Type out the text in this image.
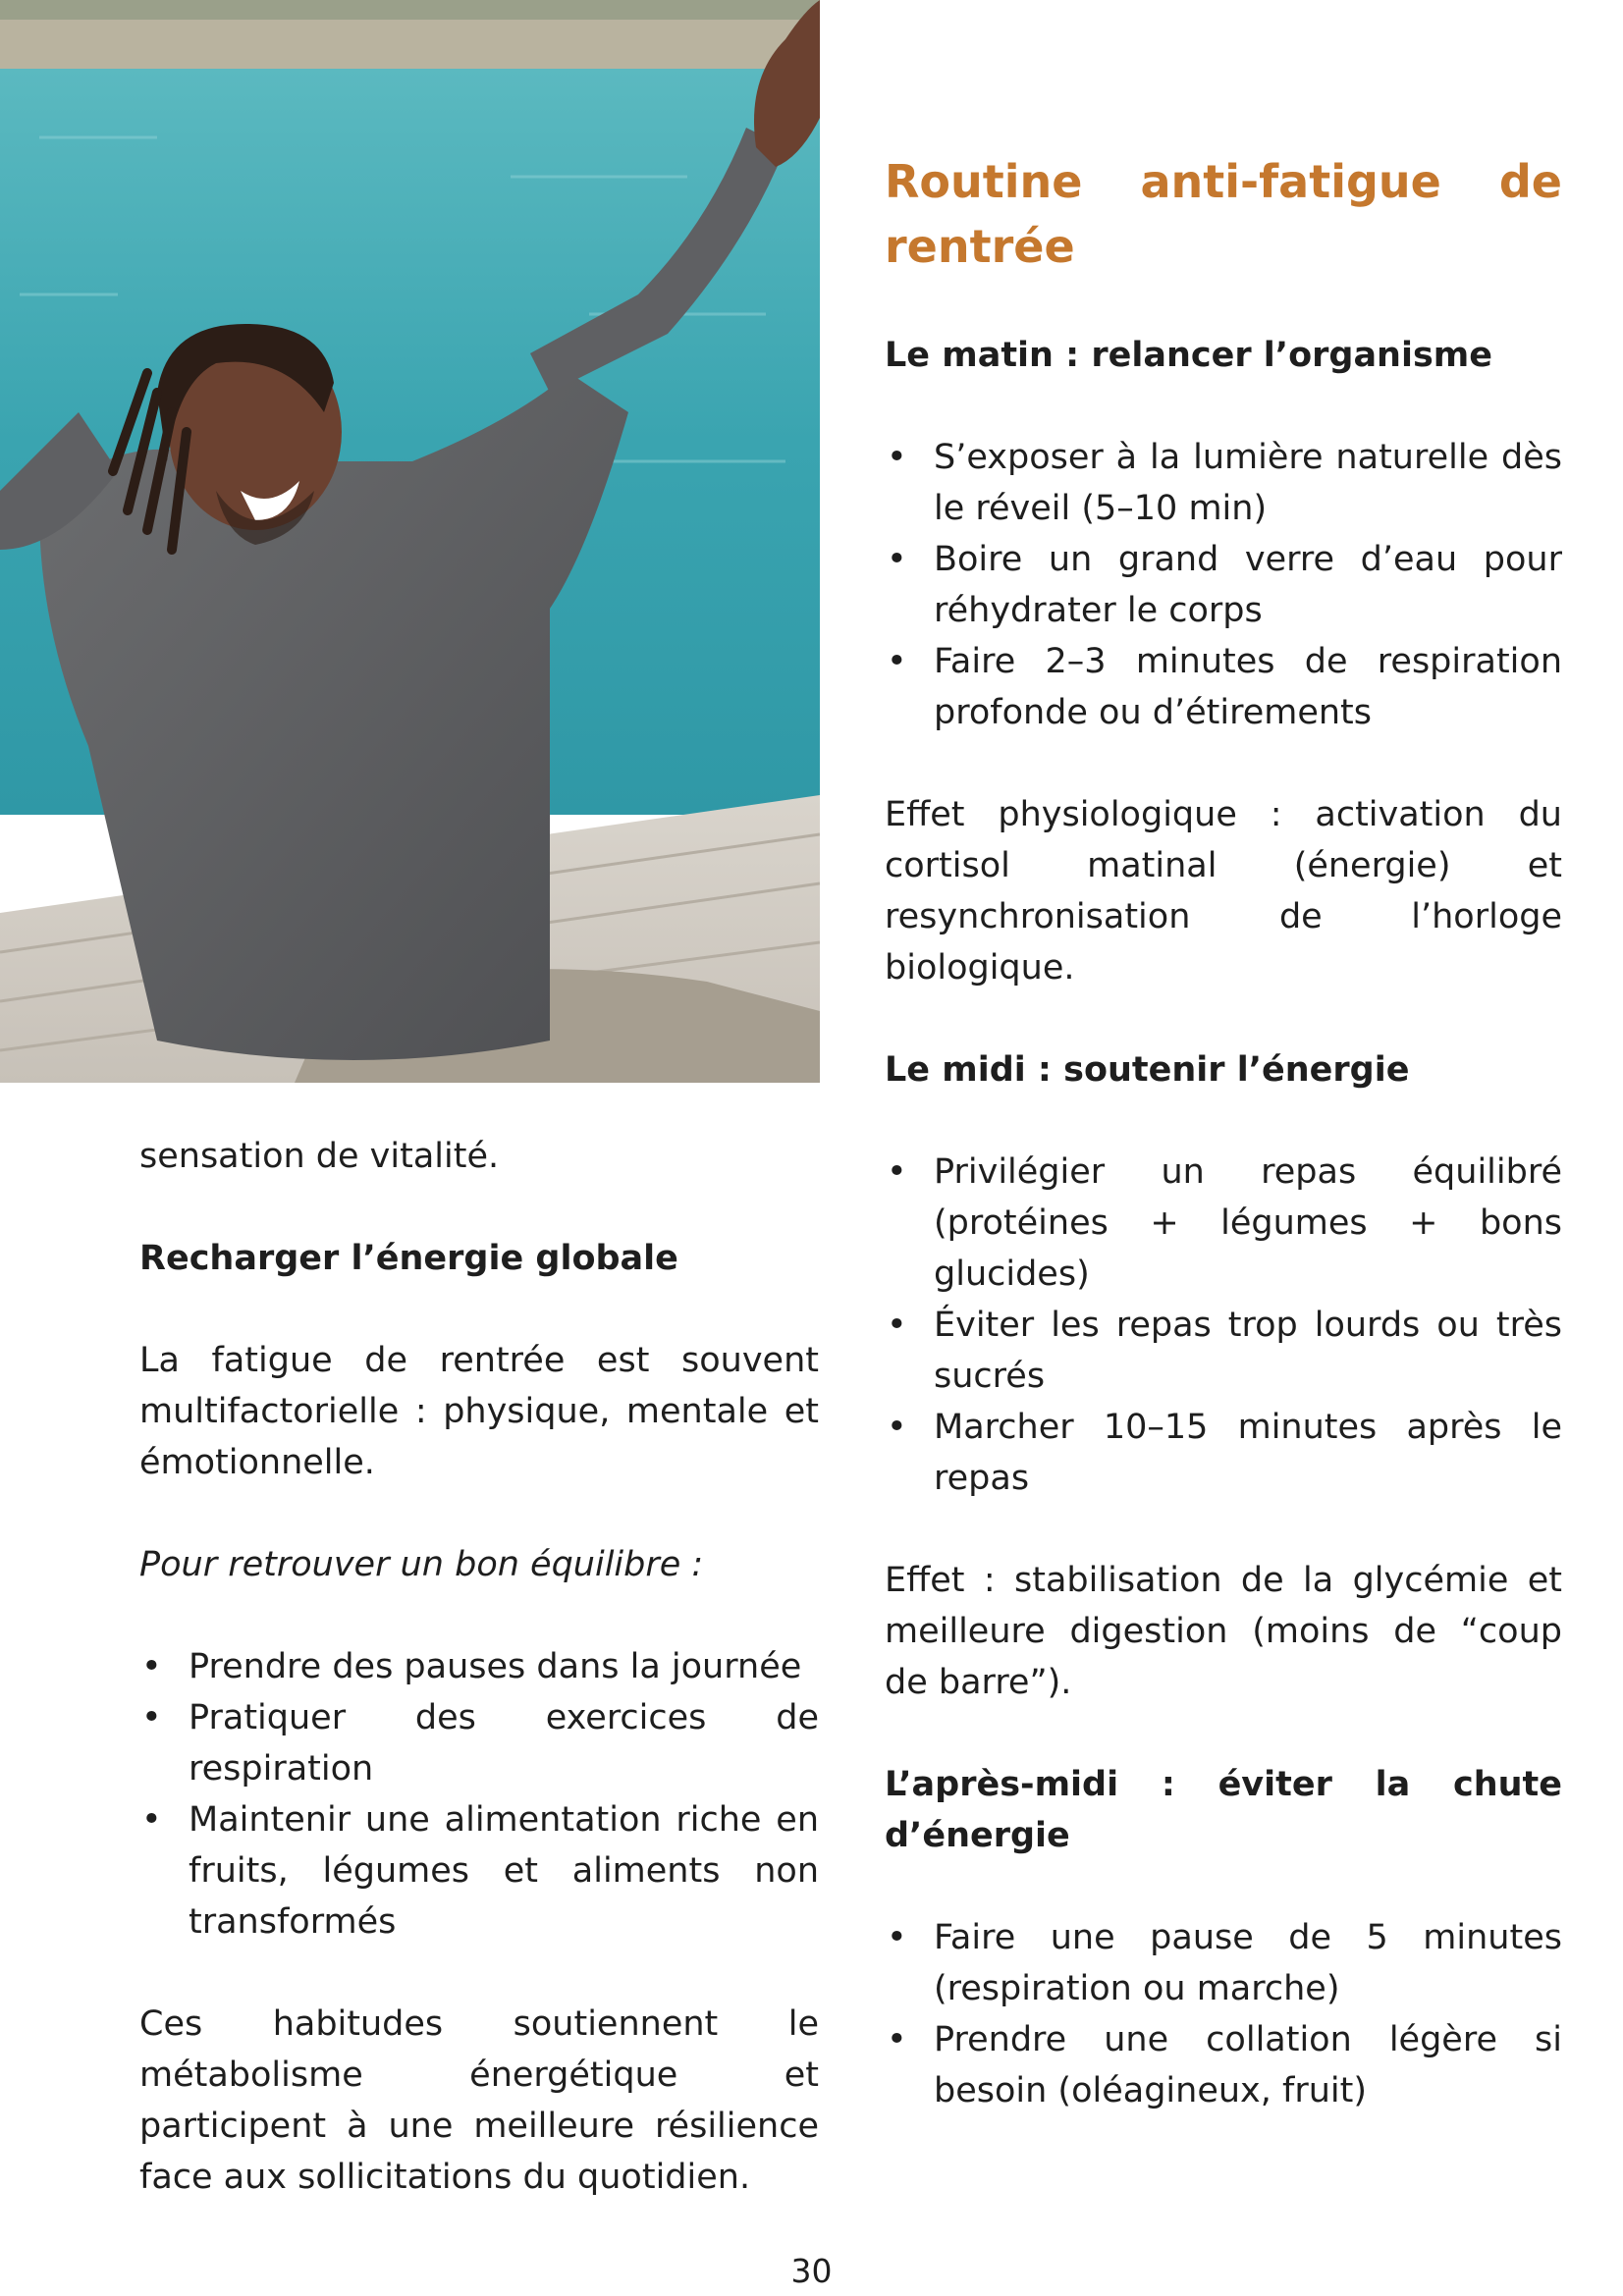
Routine anti-fatigue de rentrée
Le matin : relancer l’organisme
• S’exposer à la lumière naturelle dès le réveil (5–10 min)
• Boire un grand verre d’eau pour réhydrater le corps
• Faire 2–3 minutes de respiration profonde ou d’étirements

Effet physiologique : activation du cortisol matinal (énergie) et resynchronisation de l’horloge biologique.

Le midi : soutenir l’énergie
• Privilégier un repas équilibré (protéines + légumes + bons glucides)
• Éviter les repas trop lourds ou très sucrés
• Marcher 10–15 minutes après le repas

Effet : stabilisation de la glycémie et meilleure digestion (moins de “coup de barre”).

L’après-midi : éviter la chute d’énergie
• Faire une pause de 5 minutes (respiration ou marche)
• Prendre une collation légère si besoin (oléagineux, fruit)

sensation de vitalité.

Recharger l’énergie globale

La fatigue de rentrée est souvent multifactorielle : physique, mentale et émotionnelle.

Pour retrouver un bon équilibre :

• Prendre des pauses dans la journée
• Pratiquer des exercices de respiration
• Maintenir une alimentation riche en fruits, légumes et aliments non transformés

Ces habitudes soutiennent le métabolisme énergétique et participent à une meilleure résilience face aux sollicitations du quotidien.

30
